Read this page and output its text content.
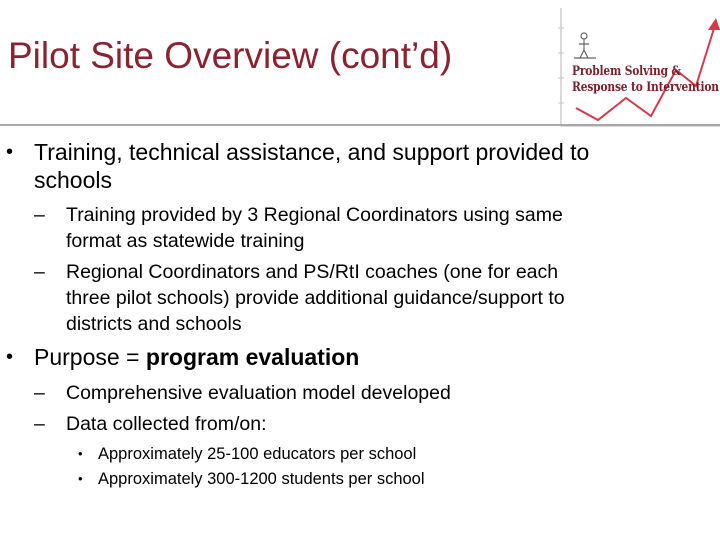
Pilot Site Overview (cont’d)	Problem Solving &
Response to Intervention
• Training, technical assistance, and support provided to
schools
– Training provided by 3 Regional Coordinators using same
format as statewide training
– Regional Coordinators and PS/RtI coaches (one for each
three pilot schools) provide additional guidance/support to
districts and schools
• Purpose = program evaluation
– Comprehensive evaluation model developed
– Data collected from/on:
• Approximately 25-100 educators per school
• Approximately 300-1200 students per school
